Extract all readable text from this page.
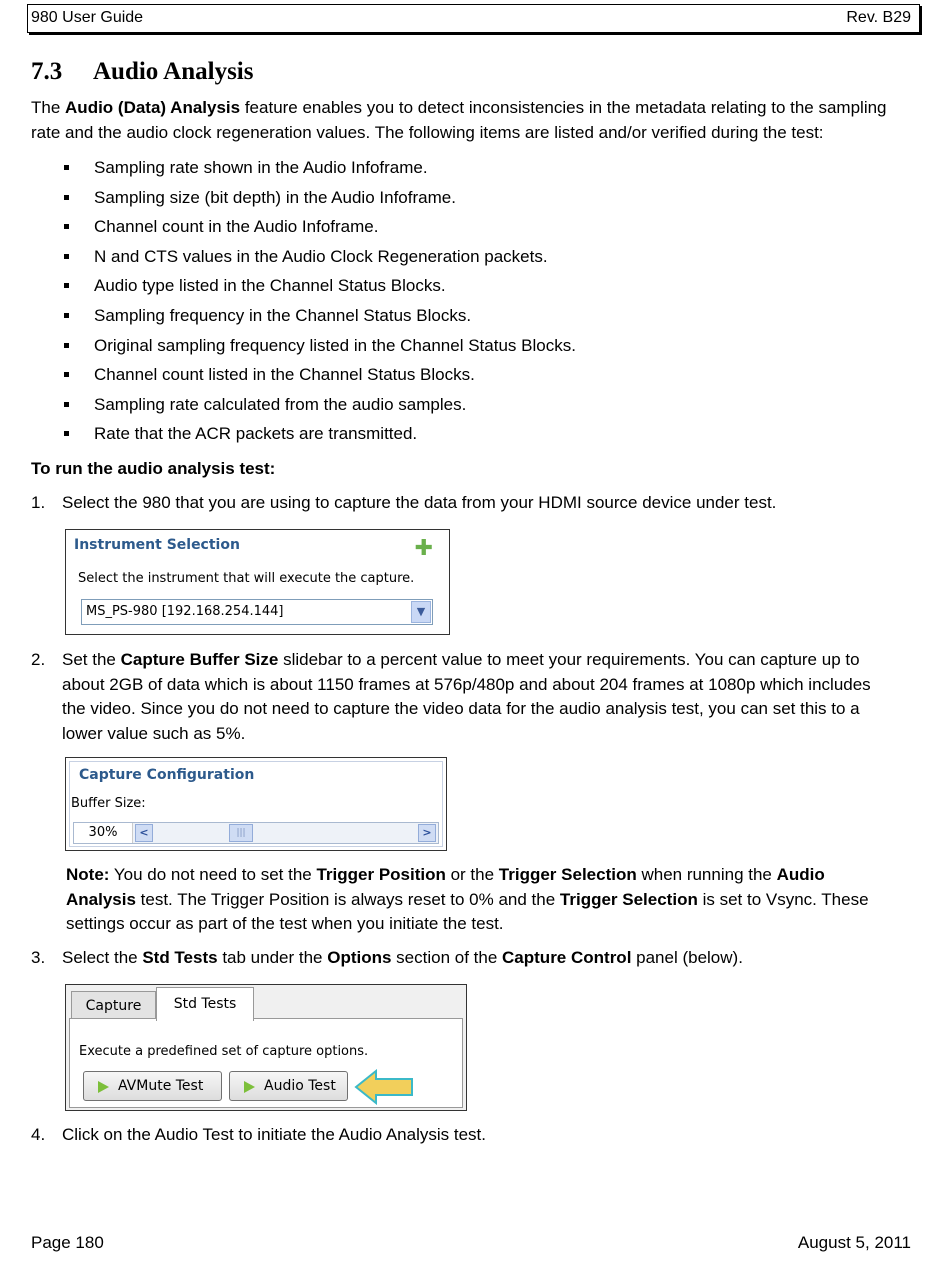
980 User Guide	Rev. B29
7.3 Audio Analysis
The Audio (Data) Analysis feature enables you to detect inconsistencies in the metadata relating to the sampling
rate and the audio clock regeneration values. The following items are listed and/or verified during the test:
Sampling rate shown in the Audio Infoframe.
Sampling size (bit depth) in the Audio Infoframe.
Channel count in the Audio Infoframe.
N and CTS values in the Audio Clock Regeneration packets.
Audio type listed in the Channel Status Blocks.
Sampling frequency in the Channel Status Blocks.
Original sampling frequency listed in the Channel Status Blocks.
Channel count listed in the Channel Status Blocks.
Sampling rate calculated from the audio samples.
Rate that the ACR packets are transmitted.
To run the audio analysis test:
1. Select the 980 that you are using to capture the data from your HDMI source device under test.
Instrument Selection	✚
Select the instrument that will execute the capture.
MS_PS-980 [192.168.254.144]	▼
2. Set the Capture Buffer Size slidebar to a percent value to meet your requirements. You can capture up to
about 2GB of data which is about 1150 frames at 576p/480p and about 204 frames at 1080p which includes
the video. Since you do not need to capture the video data for the audio analysis test, you can set this to a
lower value such as 5%.
Capture Configuration
Buffer Size:
30%	<	|||	>
Note: You do not need to set the Trigger Position or the Trigger Selection when running the Audio
Analysis test. The Trigger Position is always reset to 0% and the Trigger Selection is set to Vsync. These
settings occur as part of the test when you initiate the test.
3. Select the Std Tests tab under the Options section of the Capture Control panel (below).
Capture	Std Tests
Execute a predefined set of capture options.
AVMute Test	Audio Test
4. Click on the Audio Test to initiate the Audio Analysis test.
Page 180	August 5, 2011
